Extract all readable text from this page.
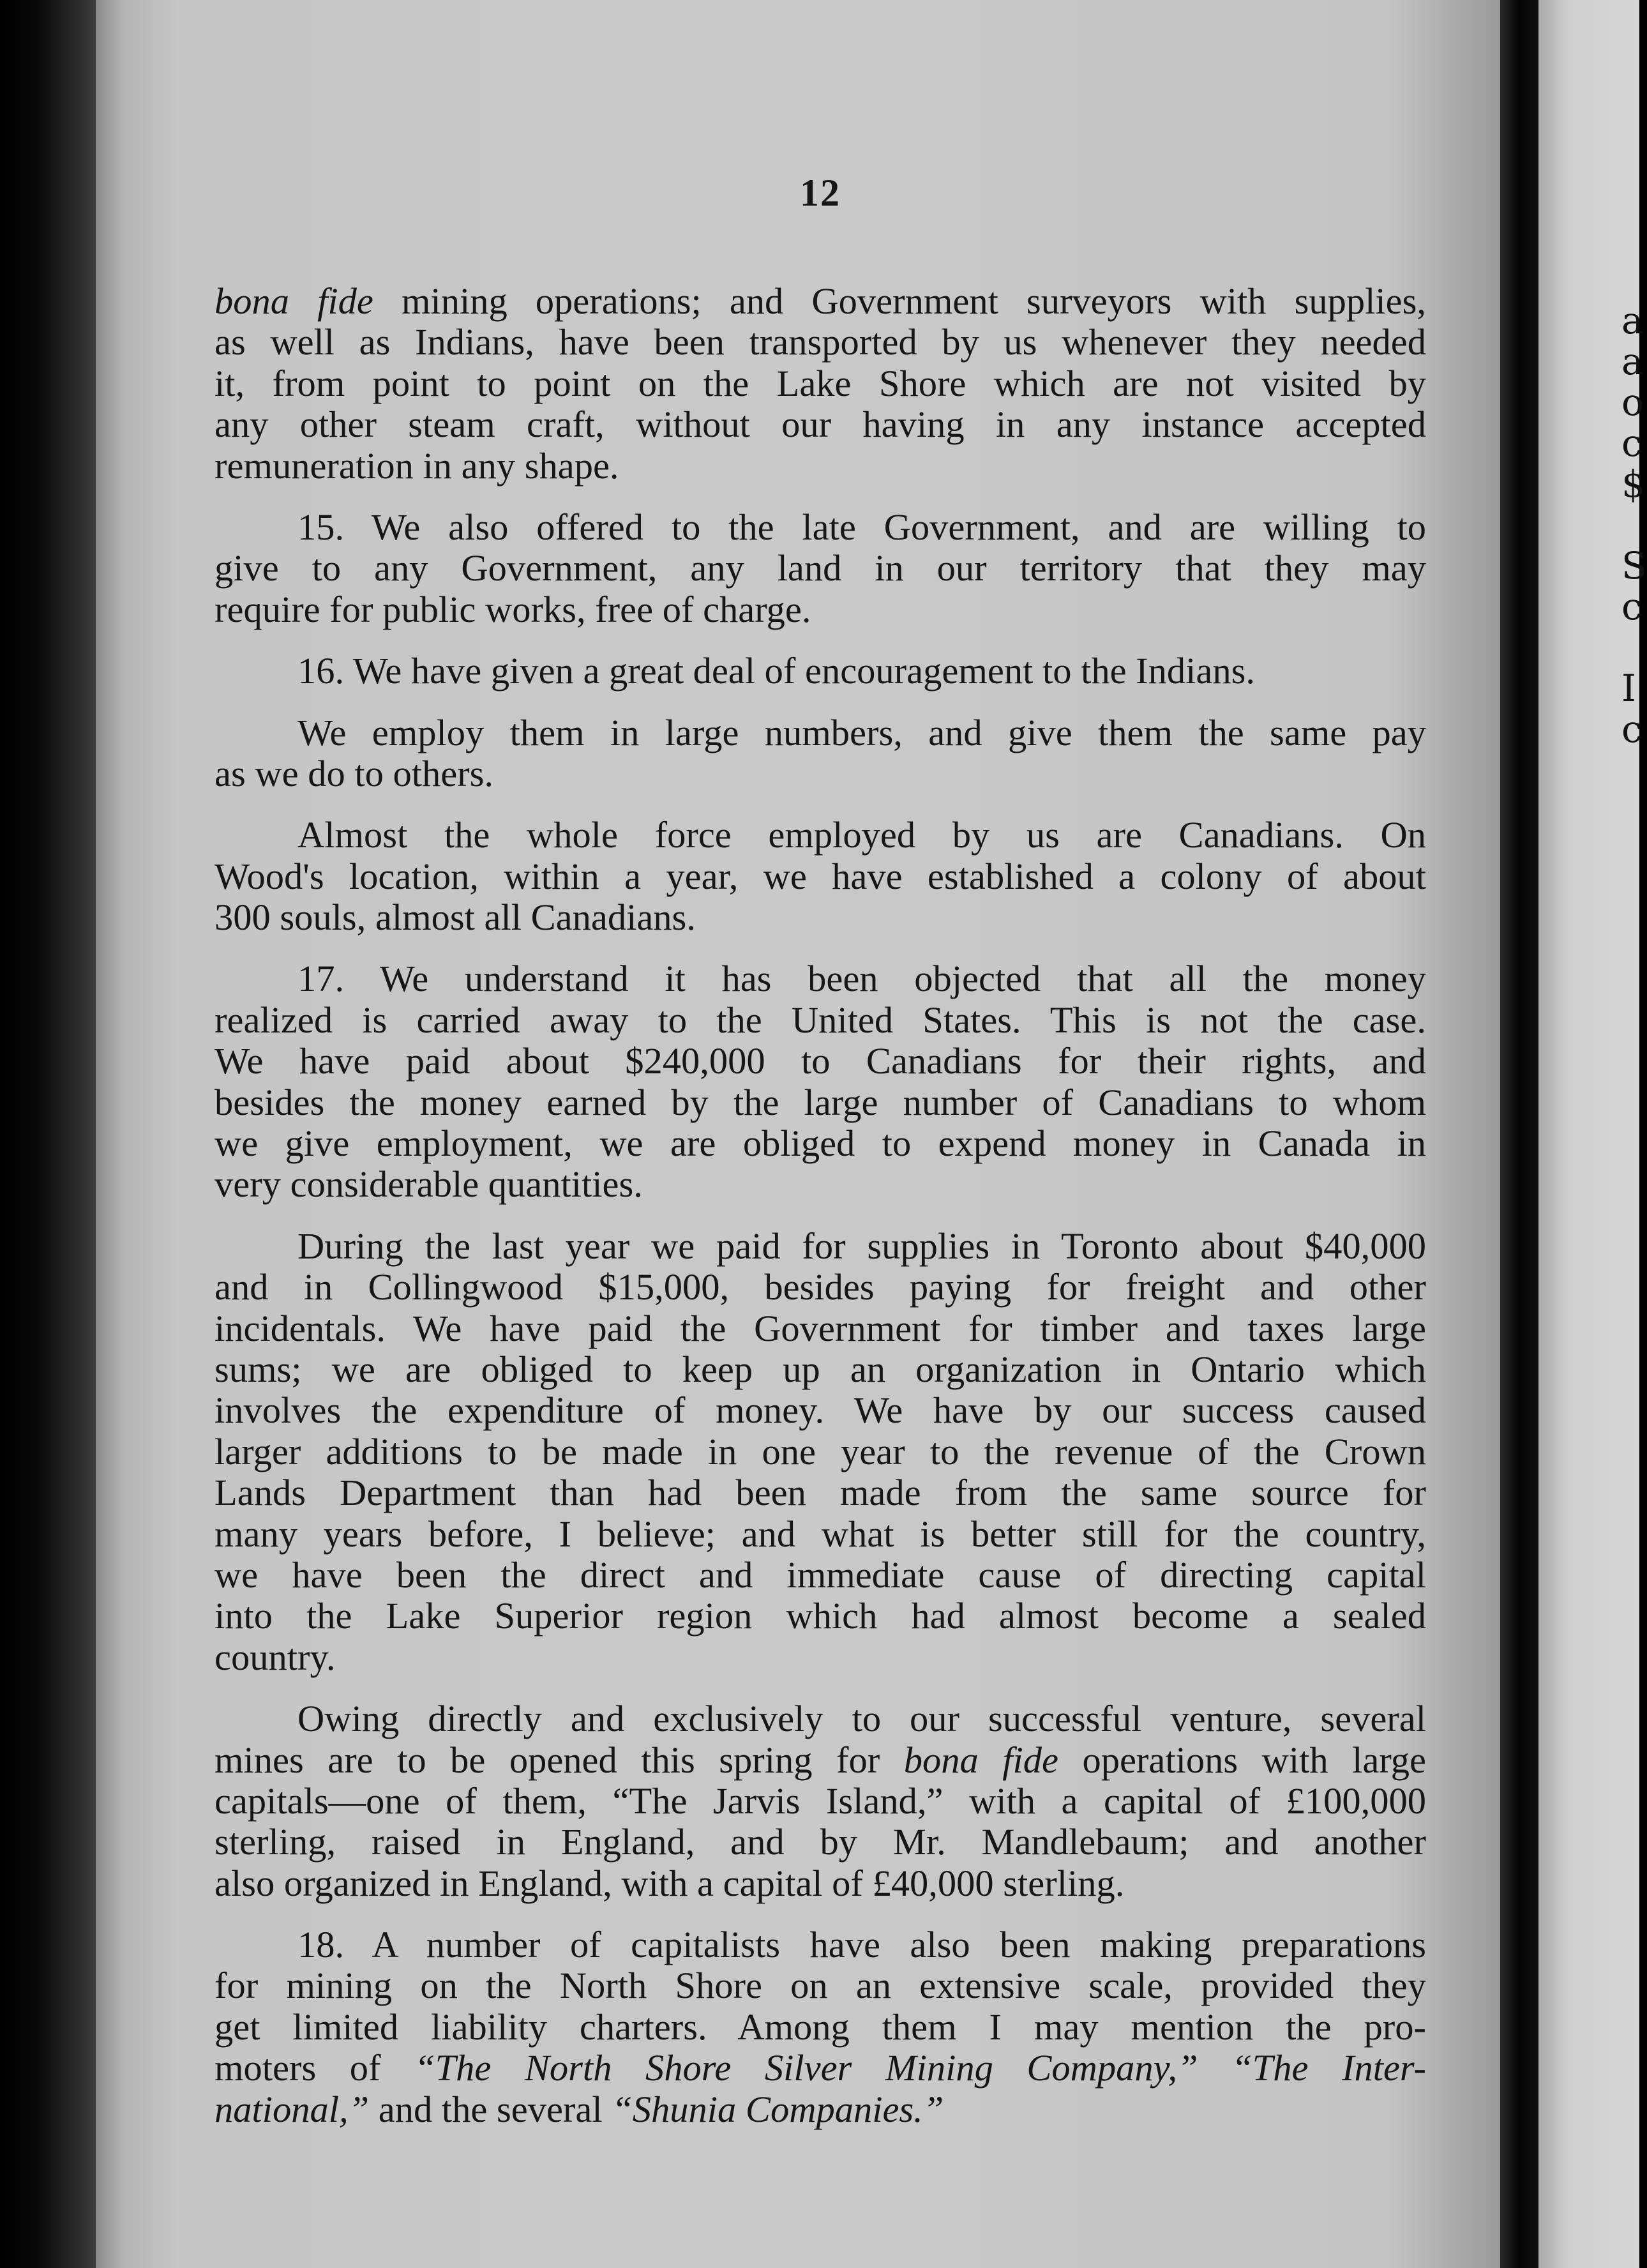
a
a
o
c
$

S
c

I
c
12
bona fide mining operations; and Government surveyors with supplies,
as well as Indians, have been transported by us whenever they needed
it, from point to point on the Lake Shore which are not visited by
any other steam craft, without our having in any instance accepted
remuneration in any shape.
15. We also offered to the late Government, and are willing to
give to any Government, any land in our territory that they may
require for public works, free of charge.
16. We have given a great deal of encouragement to the Indians.
We employ them in large numbers, and give them the same pay
as we do to others.
Almost the whole force employed by us are Canadians. On
Wood's location, within a year, we have established a colony of about
300 souls, almost all Canadians.
17. We understand it has been objected that all the money
realized is carried away to the United States. This is not the case.
We have paid about $240,000 to Canadians for their rights, and
besides the money earned by the large number of Canadians to whom
we give employment, we are obliged to expend money in Canada in
very considerable quantities.
During the last year we paid for supplies in Toronto about $40,000
and in Collingwood $15,000, besides paying for freight and other
incidentals. We have paid the Government for timber and taxes large
sums; we are obliged to keep up an organization in Ontario which
involves the expenditure of money. We have by our success caused
larger additions to be made in one year to the revenue of the Crown
Lands Department than had been made from the same source for
many years before, I believe; and what is better still for the country,
we have been the direct and immediate cause of directing capital
into the Lake Superior region which had almost become a sealed
country.
Owing directly and exclusively to our successful venture, several
mines are to be opened this spring for bona fide operations with large
capitals—one of them, “The Jarvis Island,” with a capital of £100,000
sterling, raised in England, and by Mr. Mandlebaum; and another
also organized in England, with a capital of £40,000 sterling.
18. A number of capitalists have also been making preparations
for mining on the North Shore on an extensive scale, provided they
get limited liability charters. Among them I may mention the pro-
moters of “The North Shore Silver Mining Company,” “The Inter-
national,” and the several “Shunia Companies.”
